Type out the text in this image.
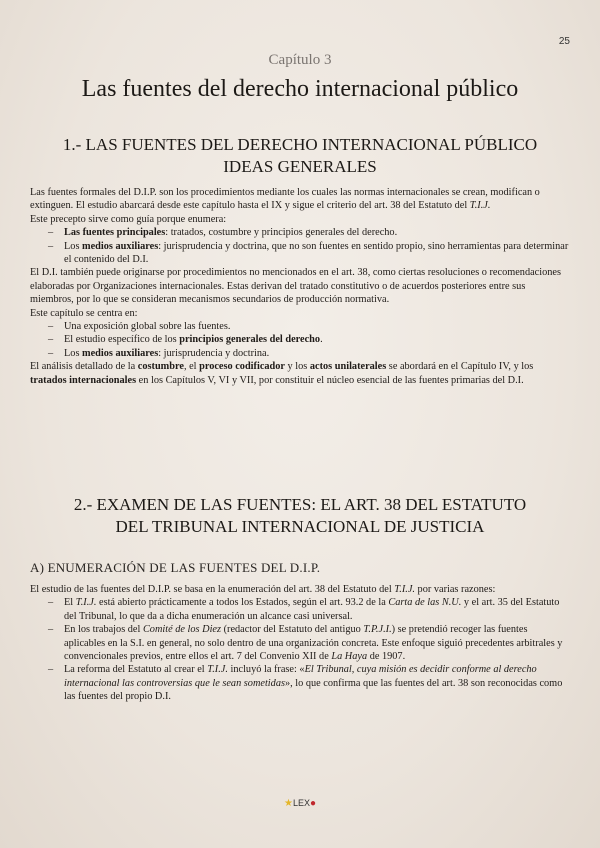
25
Capítulo 3
Las fuentes del derecho internacional público
1.- LAS FUENTES DEL DERECHO INTERNACIONAL PÚBLICO
IDEAS GENERALES

Las fuentes formales del D.I.P. son los procedimientos mediante los cuales las normas internacionales se crean, modifican o extinguen. El estudio abarcará desde este capítulo hasta el IX y sigue el criterio del art. 38 del Estatuto del T.I.J.

Este precepto sirve como guía porque enumera:

– Las fuentes principales: tratados, costumbre y principios generales del derecho.
– Los medios auxiliares: jurisprudencia y doctrina, que no son fuentes en sentido propio, sino herramientas para determinar el contenido del D.I.

El D.I. también puede originarse por procedimientos no mencionados en el art. 38, como ciertas resoluciones o recomendaciones elaboradas por Organizaciones internacionales. Estas derivan del tratado constitutivo o de acuerdos posteriores entre sus miembros, por lo que se consideran mecanismos secundarios de producción normativa.

Este capítulo se centra en:

– Una exposición global sobre las fuentes.
– El estudio específico de los principios generales del derecho.
– Los medios auxiliares: jurisprudencia y doctrina.

El análisis detallado de la costumbre, el proceso codificador y los actos unilaterales se abordará en el Capítulo IV, y los tratados internacionales en los Capítulos V, VI y VII, por constituir el núcleo esencial de las fuentes primarias del D.I.

2.- EXAMEN DE LAS FUENTES: EL ART. 38 DEL ESTATUTO
DEL TRIBUNAL INTERNACIONAL DE JUSTICIA
A) ENUMERACIÓN DE LAS FUENTES DEL D.I.P.

El estudio de las fuentes del D.I.P. se basa en la enumeración del art. 38 del Estatuto del T.I.J. por varias razones:

– El T.I.J. está abierto prácticamente a todos los Estados, según el art. 93.2 de la Carta de las N.U. y el art. 35 del Estatuto del Tribunal, lo que da a dicha enumeración un alcance casi universal.
– En los trabajos del Comité de los Diez (redactor del Estatuto del antiguo T.P.J.I.) se pretendió recoger las fuentes aplicables en la S.I. en general, no solo dentro de una organización concreta. Este enfoque siguió precedentes arbitrales y convencionales previos, entre ellos el art. 7 del Convenio XII de La Haya de 1907.
– La reforma del Estatuto al crear el T.I.J. incluyó la frase: «El Tribunal, cuya misión es decidir conforme al derecho internacional las controversias que le sean sometidas», lo que confirma que las fuentes del art. 38 son reconocidas como las fuentes del propio D.I.
★LEX●
